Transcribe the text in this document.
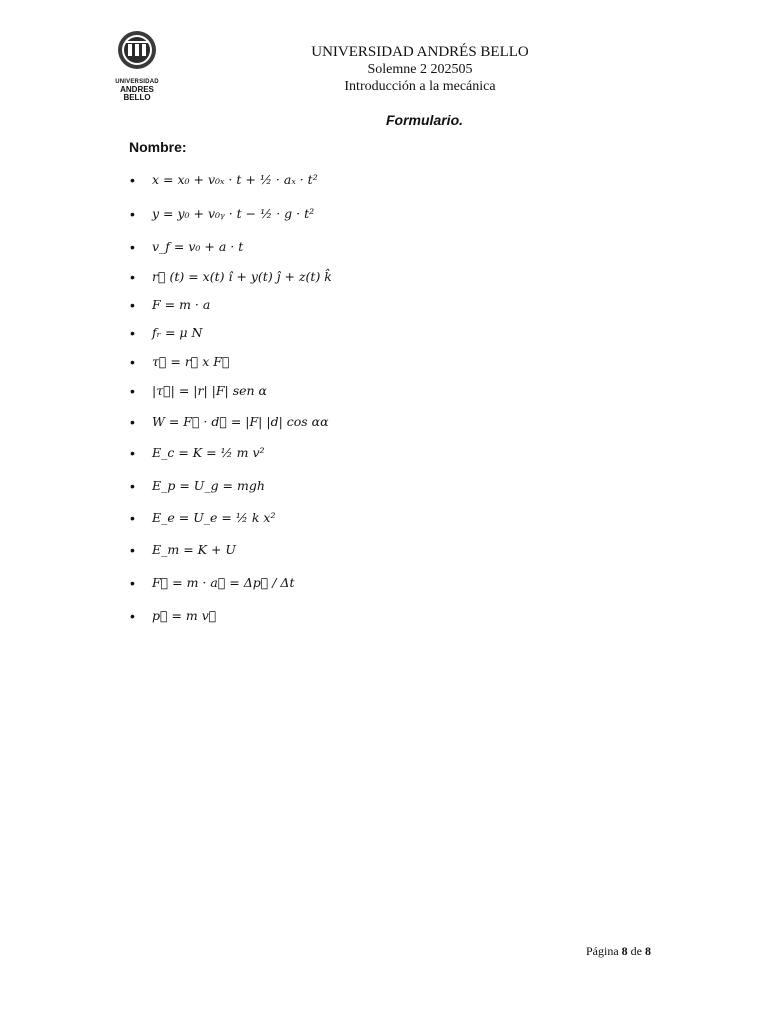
UNIVERSIDAD
ANDRES BELLO
UNIVERSIDAD ANDRÉS BELLO
Solemne 2 202505
Introducción a la mecánica
Formulario.
Nombre:
• x = x₀ + v₀ₓ · t + ½ · aₓ · t²
• y = y₀ + v₀ᵧ · t − ½ · g · t²
• v_f = v₀ + a · t
• r⃗ (t) = x(t) î + y(t) ĵ + z(t) k̂
• F = m · a
• fᵣ = μ N
• τ⃗ = r⃗ x F⃗
• |τ⃗| = |r| |F| sen α
• W = F⃗ · d⃗ = |F| |d| cos αα
• E_c = K = ½ m v²
• E_p = U_g = mgh
• E_e = U_e = ½ k x²
• E_m = K + U
• F⃗ = m · a⃗ = Δp⃗ / Δt
• p⃗ = m v⃗
Página 8 de 8
